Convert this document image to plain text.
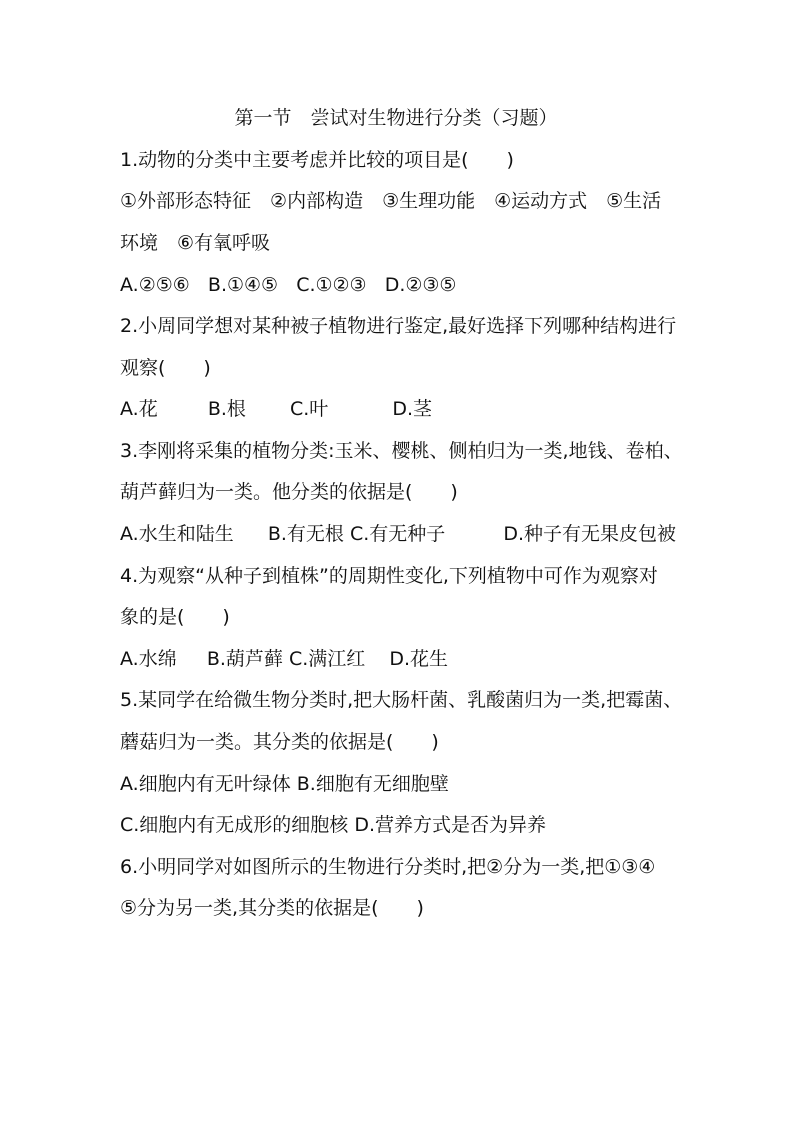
第一节　尝试对生物进行分类（习题）
1.动物的分类中主要考虑并比较的项目是(　　)
①外部形态特征　②内部构造　③生理功能　④运动方式　⑤生活
环境　⑥有氧呼吸
A.②⑤⑥ B.①④⑤ C.①②③ D.②③⑤
2.小周同学想对某种被子植物进行鉴定,最好选择下列哪种结构进行
观察(　　)
A.花	B.根 C.叶	D.茎
3.李刚将采集的植物分类:玉米、樱桃、侧柏归为一类,地钱、卷柏、
葫芦藓归为一类。他分类的依据是(　　)
A.水生和陆生 B.有无根 C.有无种子	D.种子有无果皮包被
4.为观察“从种子到植株”的周期性变化,下列植物中可作为观察对
象的是(　　)
A.水绵 B.葫芦藓 C.满江红 D.花生
5.某同学在给微生物分类时,把大肠杆菌、乳酸菌归为一类,把霉菌、
蘑菇归为一类。其分类的依据是(　　)
A.细胞内有无叶绿体 B.细胞有无细胞壁
C.细胞内有无成形的细胞核 D.营养方式是否为异养
6.小明同学对如图所示的生物进行分类时,把②分为一类,把①③④
⑤分为另一类,其分类的依据是(　　)
